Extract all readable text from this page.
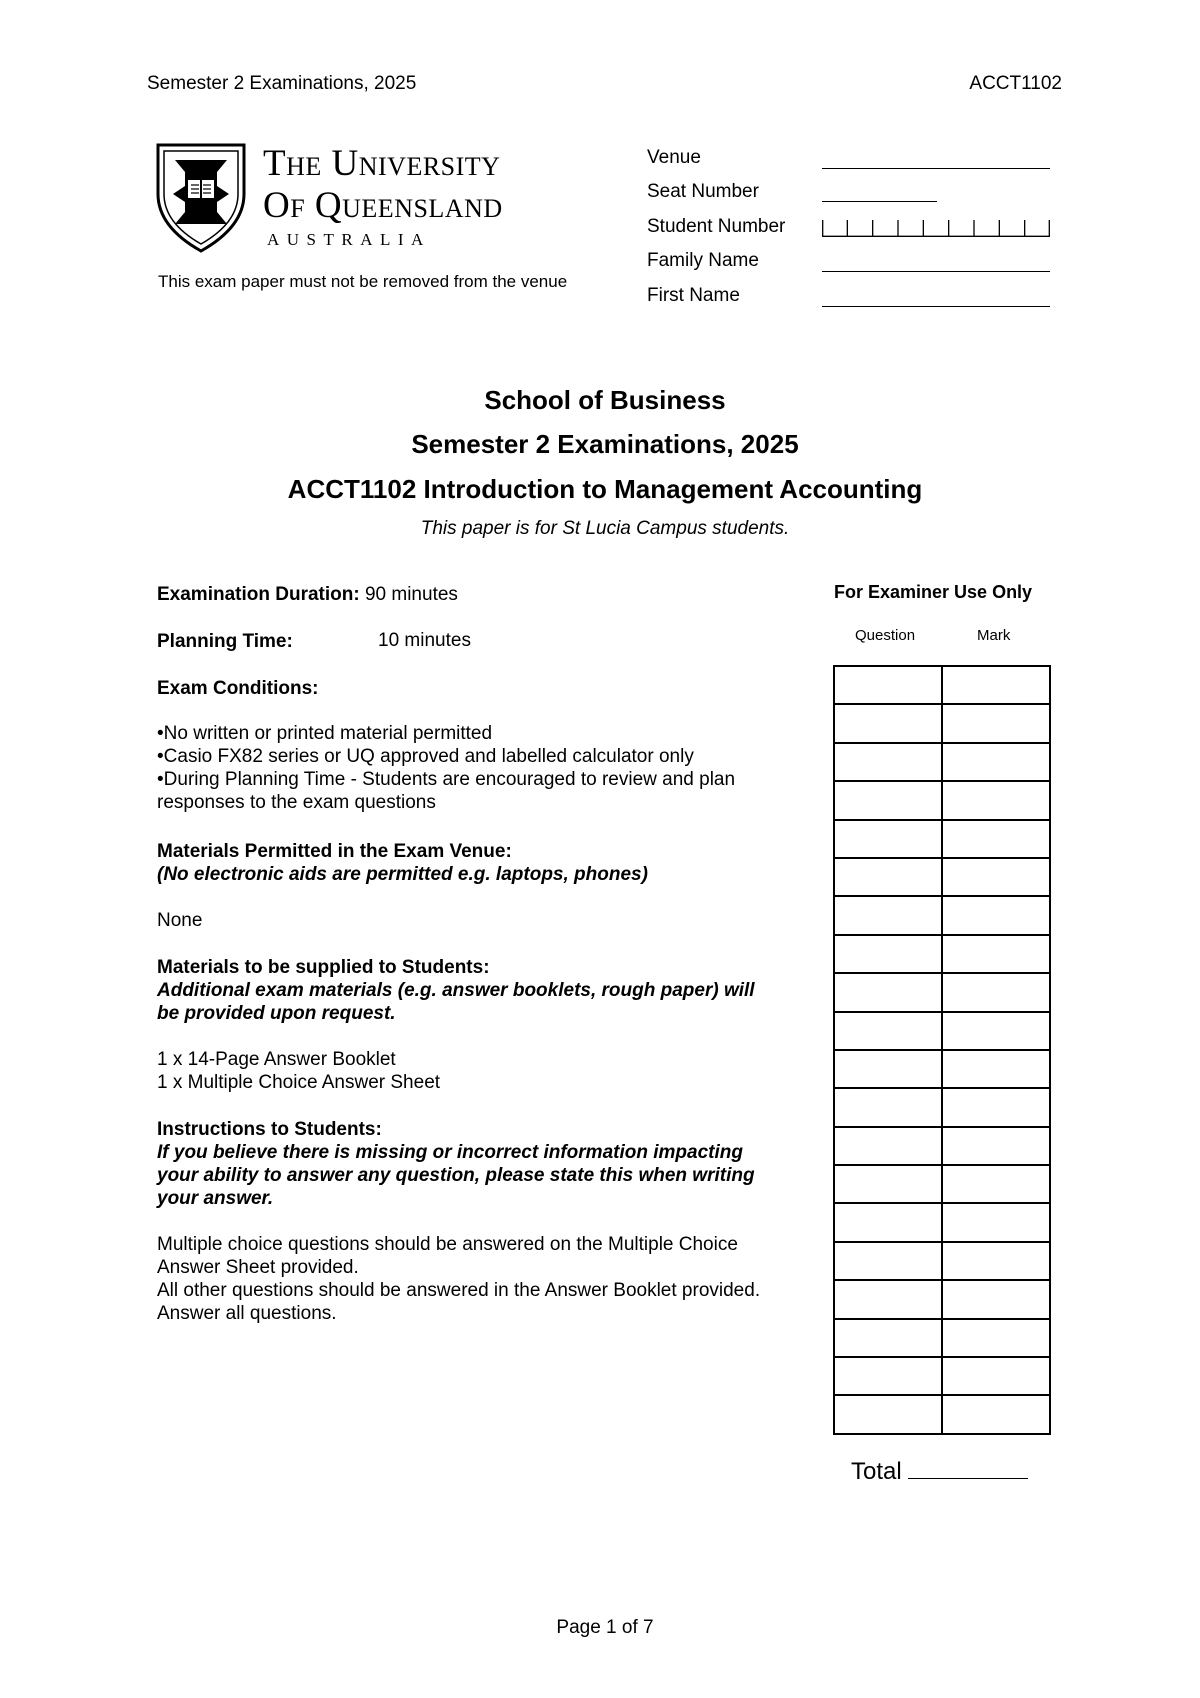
Semester 2 Examinations, 2025	ACCT1102
The University
Of Queensland
AUSTRALIA
This exam paper must not be removed from the venue
Venue
Seat Number
Student Number
Family Name
First Name
School of Business
Semester 2 Examinations, 2025
ACCT1102 Introduction to Management Accounting
This paper is for St Lucia Campus students.
Examination Duration: 90 minutes
Planning Time:	10 minutes
Exam Conditions:
•No written or printed material permitted
•Casio FX82 series or UQ approved and labelled calculator only
•During Planning Time - Students are encouraged to review and plan
responses to the exam questions
Materials Permitted in the Exam Venue:
(No electronic aids are permitted e.g. laptops, phones)
None
Materials to be supplied to Students:
Additional exam materials (e.g. answer booklets, rough paper) will
be provided upon request.
1 x 14-Page Answer Booklet
1 x Multiple Choice Answer Sheet
Instructions to Students:
If you believe there is missing or incorrect information impacting
your ability to answer any question, please state this when writing
your answer.
Multiple choice questions should be answered on the Multiple Choice
Answer Sheet provided.
All other questions should be answered in the Answer Booklet provided.
Answer all questions.
For Examiner Use Only
Question	Mark

Total
Page 1 of 7
